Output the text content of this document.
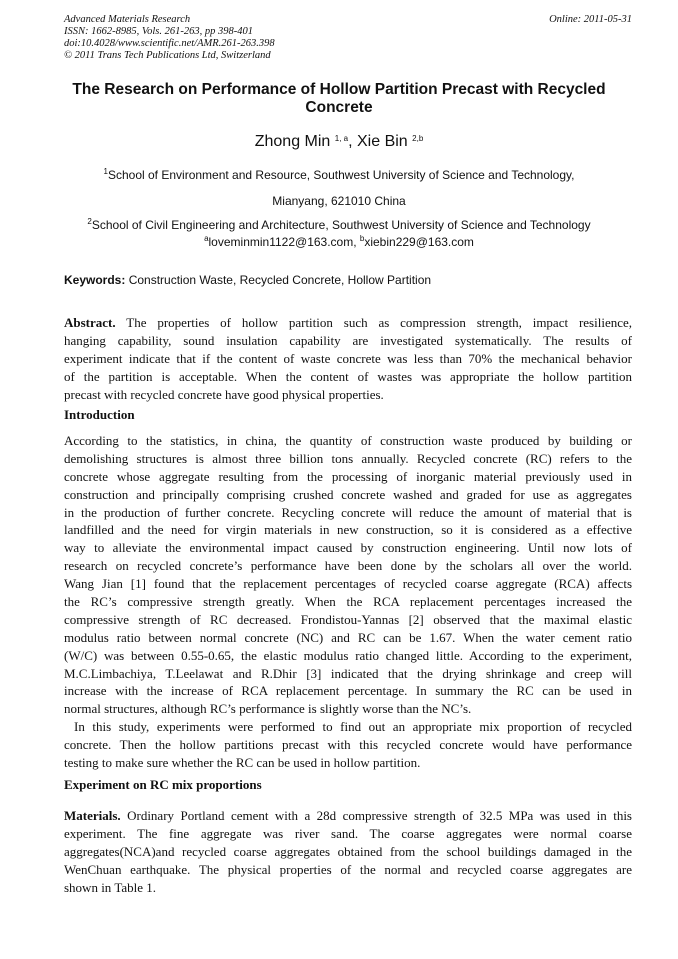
Advanced Materials Research
ISSN: 1662-8985, Vols. 261-263, pp 398-401
doi:10.4028/www.scientific.net/AMR.261-263.398
© 2011 Trans Tech Publications Ltd, Switzerland
Online: 2011-05-31
The Research on Performance of Hollow Partition Precast with Recycled
Concrete
Zhong Min $^{1, a}$, Xie Bin $^{2,b}$
$^1$School of Environment and Resource, Southwest University of Science and Technology,
Mianyang, 621010 China
$^2$School of Civil Engineering and Architecture, Southwest University of Science and Technology
$^a$loveminmin1122@163.com, $^b$xiebin229@163.com
Keywords: Construction Waste, Recycled Concrete, Hollow Partition
Abstract. The properties of hollow partition such as compression strength, impact resilience,
hanging capability, sound insulation capability are investigated systematically. The results of
experiment indicate that if the content of waste concrete was less than 70% the mechanical behavior
of the partition is acceptable. When the content of wastes was appropriate the hollow partition
precast with recycled concrete have good physical properties.
Introduction
According to the statistics, in china, the quantity of construction waste produced by building or
demolishing structures is almost three billion tons annually. Recycled concrete (RC) refers to the
concrete whose aggregate resulting from the processing of inorganic material previously used in
construction and principally comprising crushed concrete washed and graded for use as aggregates
in the production of further concrete. Recycling concrete will reduce the amount of material that is
landfilled and the need for virgin materials in new construction, so it is considered as a effective
way to alleviate the environmental impact caused by construction engineering. Until now lots of
research on recycled concrete’s performance have been done by the scholars all over the world.
Wang Jian [1] found that the replacement percentages of recycled coarse aggregate (RCA) affects
the RC’s compressive strength greatly. When the RCA replacement percentages increased the
compressive strength of RC decreased. Frondistou-Yannas [2] observed that the maximal elastic
modulus ratio between normal concrete (NC) and RC can be 1.67. When the water cement ratio
(W/C) was between 0.55-0.65, the elastic modulus ratio changed little. According to the experiment,
M.C.Limbachiya, T.Leelawat and R.Dhir [3] indicated that the drying shrinkage and creep will
increase with the increase of RCA replacement percentage. In summary the RC can be used in
normal structures, although RC’s performance is slightly worse than the NC’s.
In this study, experiments were performed to find out an appropriate mix proportion of recycled
concrete. Then the hollow partitions precast with this recycled concrete would have performance
testing to make sure whether the RC can be used in hollow partition.
Experiment on RC mix proportions
Materials. Ordinary Portland cement with a 28d compressive strength of 32.5 MPa was used in this
experiment. The fine aggregate was river sand. The coarse aggregates were normal coarse
aggregates(NCA)and recycled coarse aggregates obtained from the school buildings damaged in the
WenChuan earthquake. The physical properties of the normal and recycled coarse aggregates are
shown in Table 1.
